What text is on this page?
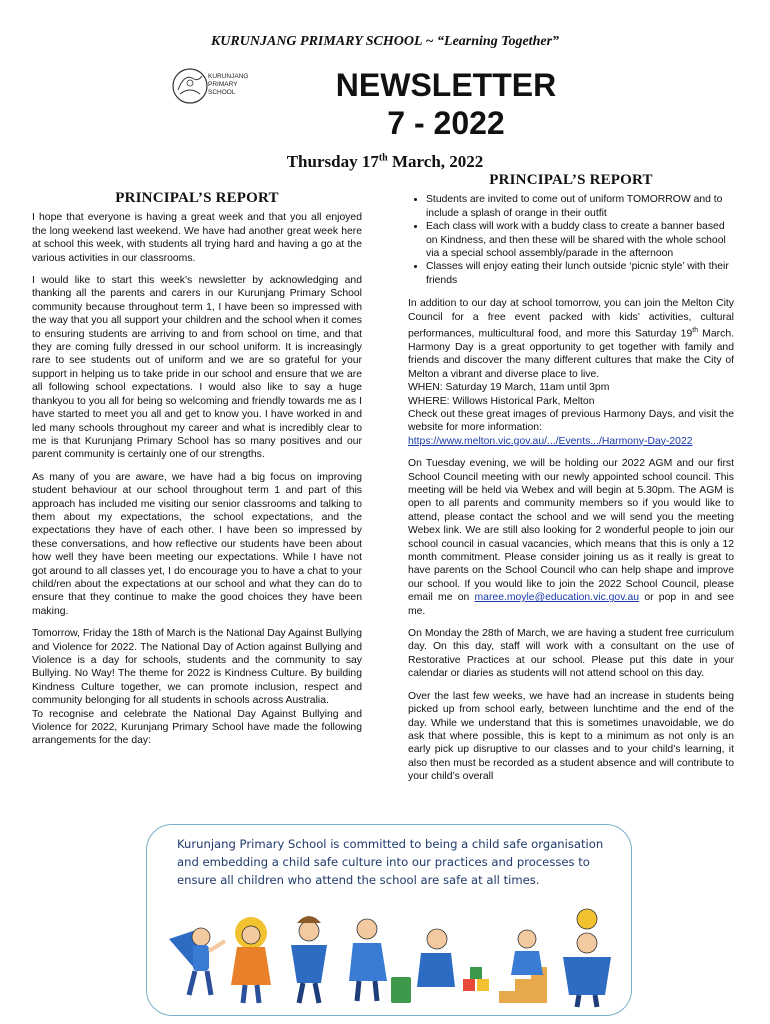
KURUNJANG PRIMARY SCHOOL ~ “Learning Together”
KURUNJANG
PRIMARY
SCHOOL	NEWSLETTER
7 - 2022
Thursday 17th March, 2022
PRINCIPAL’S REPORT

I hope that everyone is having a great week and that you all enjoyed the long weekend last weekend. We have had another great week here at school this week, with students all trying hard and having a go at the various activities in our classrooms.

I would like to start this week’s newsletter by acknowledging and thanking all the parents and carers in our Kurunjang Primary School community because throughout term 1, I have been so impressed with the way that you all support your children and the school when it comes to ensuring students are arriving to and from school on time, and that they are coming fully dressed in our school uniform. It is increasingly rare to see students out of uniform and we are so grateful for your support in helping us to take pride in our school and ensure that we are all following school expectations. I would also like to say a huge thankyou to you all for being so welcoming and friendly towards me as I have started to meet you all and get to know you. I have worked in and led many schools throughout my career and what is incredibly clear to me is that Kurunjang Primary School has so many positives and our parent community is certainly one of our strengths.

As many of you are aware, we have had a big focus on improving student behaviour at our school throughout term 1 and part of this approach has included me visiting our senior classrooms and talking to them about my expectations, the school expectations, and the expectations they have of each other. I have been so impressed by these conversations, and how reflective our students have been about how well they have been meeting our expectations. While I have not got around to all classes yet, I do encourage you to have a chat to your child/ren about the expectations at our school and what they can do to ensure that they continue to make the good choices they have been making.

Tomorrow, Friday the 18th of March is the National Day Against Bullying and Violence for 2022. The National Day of Action against Bullying and Violence is a day for schools, students and the community to say Bullying. No Way! The theme for 2022 is Kindness Culture. By building Kindness Culture together, we can promote inclusion, respect and community belonging for all students in schools across Australia.

To recognise and celebrate the National Day Against Bullying and Violence for 2022, Kurunjang Primary School have made the following arrangements for the day:

PRINCIPAL’S REPORT
• Students are invited to come out of uniform TOMORROW and to include a splash of orange in their outfit
• Each class will work with a buddy class to create a banner based on Kindness, and then these will be shared with the whole school via a special school assembly/parade in the afternoon
• Classes will enjoy eating their lunch outside ‘picnic style’ with their friends

In addition to our day at school tomorrow, you can join the Melton City Council for a free event packed with kids’ activities, cultural performances, multicultural food, and more this Saturday 19th March. Harmony Day is a great opportunity to get together with family and friends and discover the many different cultures that make the City of Melton a vibrant and diverse place to live.

WHEN: Saturday 19 March, 11am until 3pm
WHERE: Willows Historical Park, Melton

Check out these great images of previous Harmony Days, and visit the website for more information:

https://www.melton.vic.gov.au/.../Events.../Harmony-Day-2022

On Tuesday evening, we will be holding our 2022 AGM and our first School Council meeting with our newly appointed school council. This meeting will be held via Webex and will begin at 5.30pm. The AGM is open to all parents and community members so if you would like to attend, please contact the school and we will send you the meeting Webex link. We are still also looking for 2 wonderful people to join our school council in casual vacancies, which means that this is only a 12 month commitment. Please consider joining us as it really is great to have parents on the School Council who can help shape and improve our school. If you would like to join the 2022 School Council, please email me on maree.moyle@education.vic.gov.au or pop in and see me.

On Monday the 28th of March, we are having a student free curriculum day. On this day, staff will work with a consultant on the use of Restorative Practices at our school. Please put this date in your calendar or diaries as students will not attend school on this day.

Over the last few weeks, we have had an increase in students being picked up from school early, between lunchtime and the end of the day. While we understand that this is sometimes unavoidable, we do ask that where possible, this is kept to a minimum as not only is an early pick up disruptive to our classes and to your child’s learning, it also then must be recorded as a student absence and will contribute to your child’s overall

Kurunjang Primary School is committed to being a child safe organisation and embedding a child safe culture into our practices and processes to ensure all children who attend the school are safe at all times.
